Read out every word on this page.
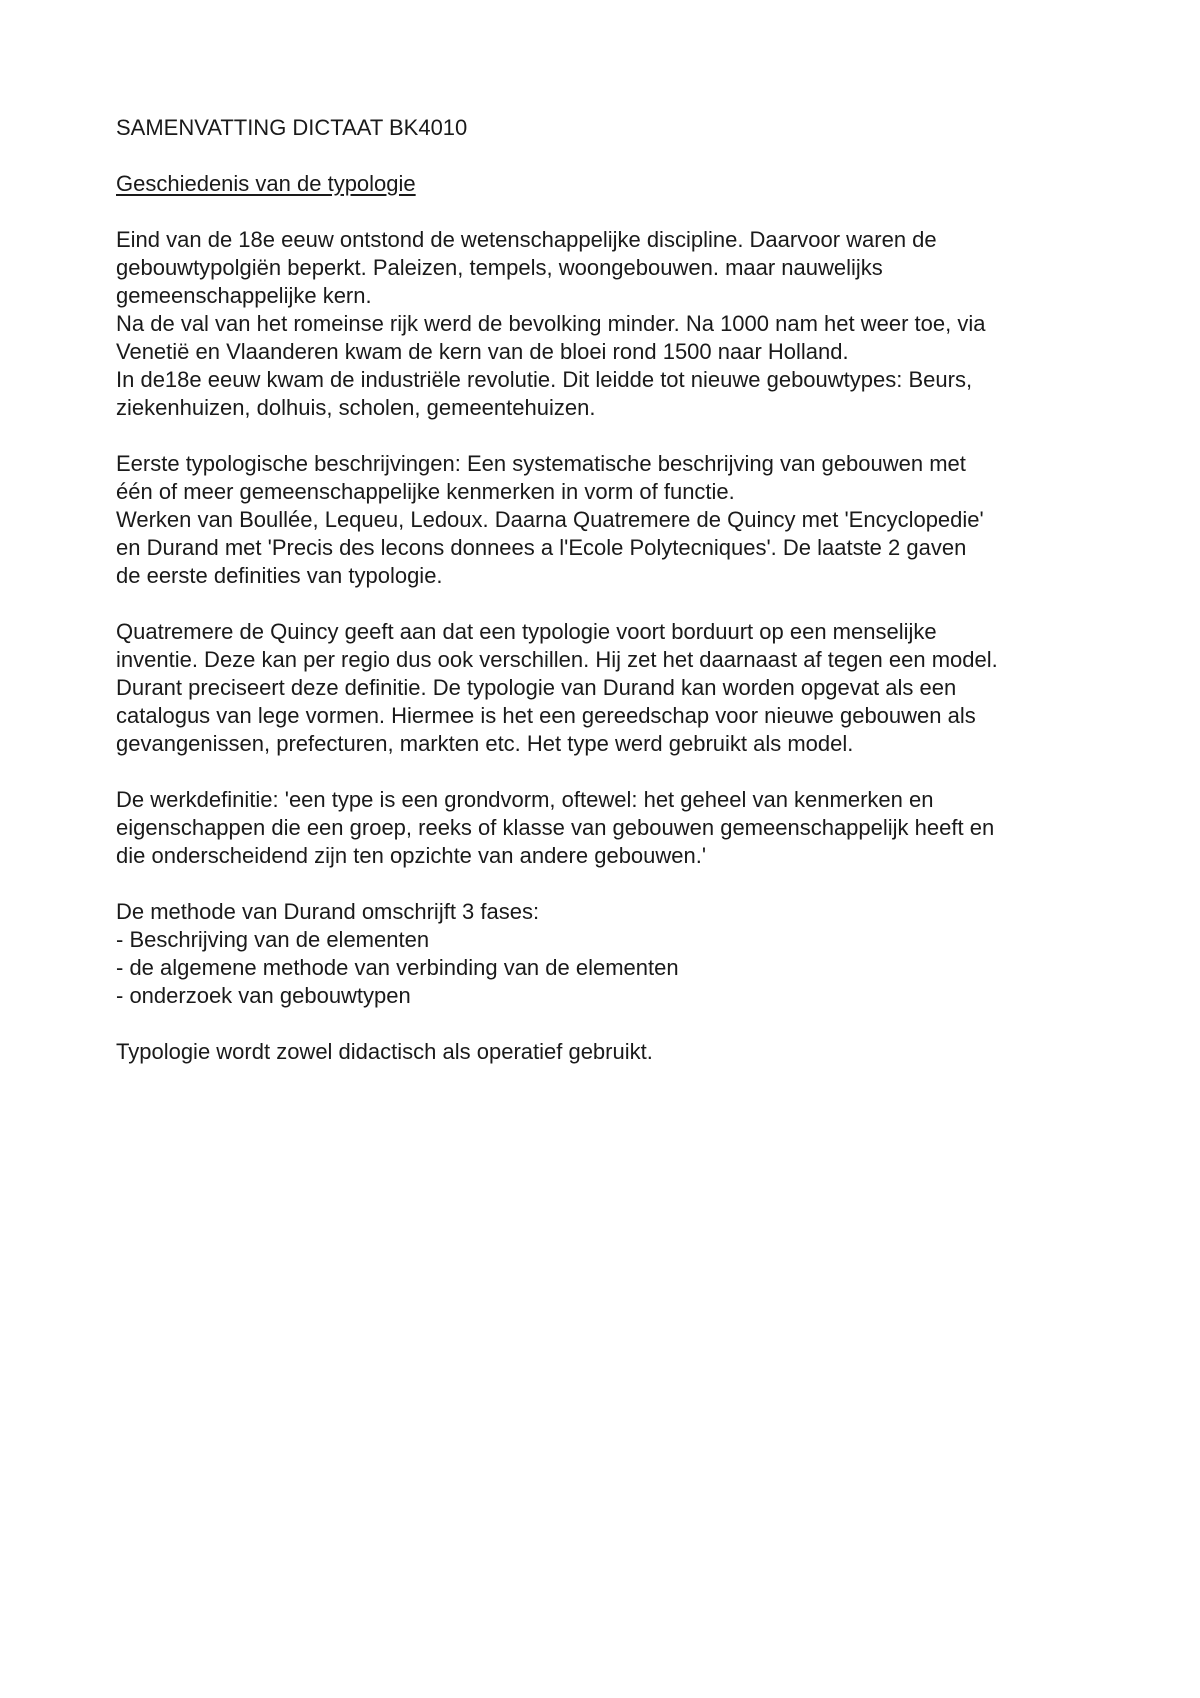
SAMENVATTING DICTAAT BK4010
Geschiedenis van de typologie
Eind van de 18e eeuw ontstond de wetenschappelijke discipline. Daarvoor waren de
gebouwtypolgiën beperkt. Paleizen, tempels, woongebouwen. maar nauwelijks
gemeenschappelijke kern.
Na de val van het romeinse rijk werd de bevolking minder. Na 1000 nam het weer toe, via
Venetië en Vlaanderen kwam de kern van de bloei rond 1500 naar Holland.
In de18e eeuw kwam de industriële revolutie. Dit leidde tot nieuwe gebouwtypes: Beurs,
ziekenhuizen, dolhuis, scholen, gemeentehuizen.
Eerste typologische beschrijvingen: Een systematische beschrijving van gebouwen met
één of meer gemeenschappelijke kenmerken in vorm of functie.
Werken van Boullée, Lequeu, Ledoux. Daarna Quatremere de Quincy met 'Encyclopedie'
en Durand met 'Precis des lecons donnees a l'Ecole Polytecniques'. De laatste 2 gaven
de eerste definities van typologie.
Quatremere de Quincy geeft aan dat een typologie voort borduurt op een menselijke
inventie. Deze kan per regio dus ook verschillen. Hij zet het daarnaast af tegen een model.
Durant preciseert deze definitie. De typologie van Durand kan worden opgevat als een
catalogus van lege vormen. Hiermee is het een gereedschap voor nieuwe gebouwen als
gevangenissen, prefecturen, markten etc. Het type werd gebruikt als model.
De werkdefinitie: 'een type is een grondvorm, oftewel: het geheel van kenmerken en
eigenschappen die een groep, reeks of klasse van gebouwen gemeenschappelijk heeft en
die onderscheidend zijn ten opzichte van andere gebouwen.'
De methode van Durand omschrijft 3 fases:
- Beschrijving van de elementen
- de algemene methode van verbinding van de elementen
- onderzoek van gebouwtypen
Typologie wordt zowel didactisch als operatief gebruikt.
